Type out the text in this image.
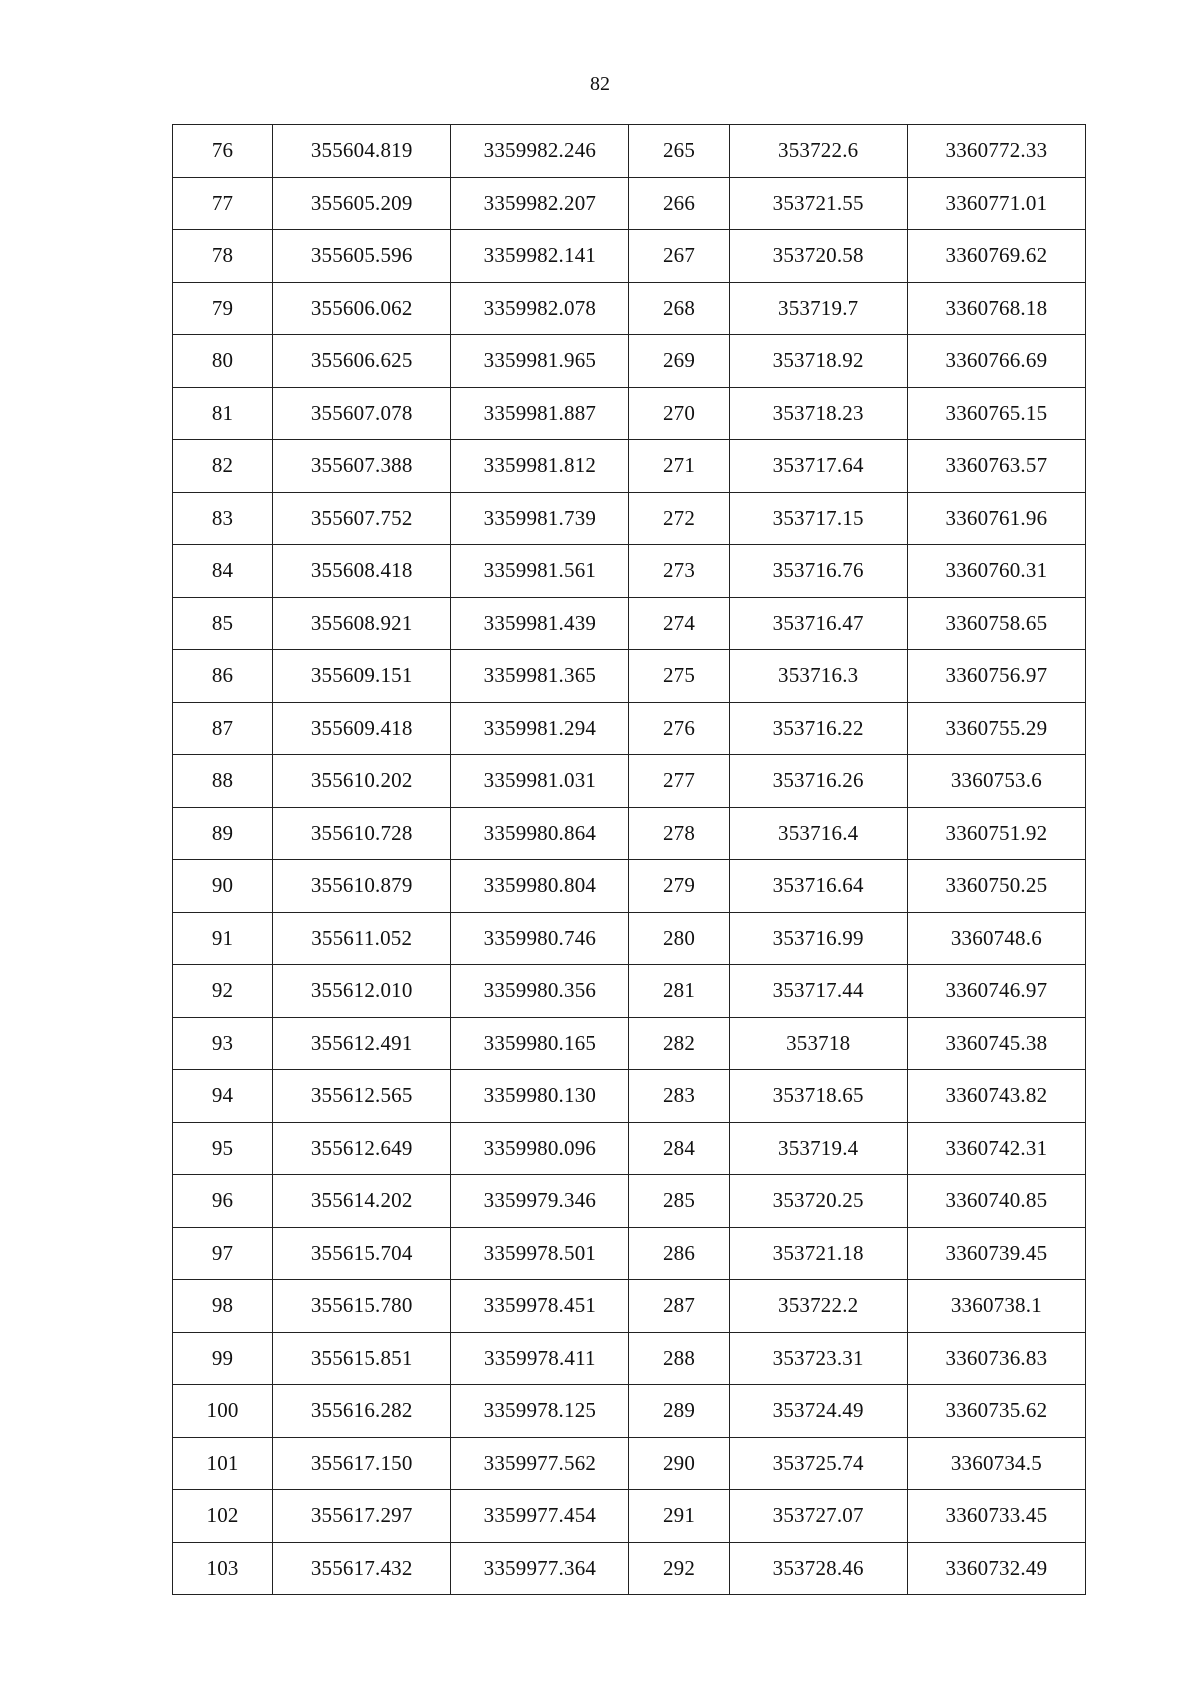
82
76	355604.819	3359982.246	265	353722.6	3360772.33
77	355605.209	3359982.207	266	353721.55	3360771.01
78	355605.596	3359982.141	267	353720.58	3360769.62
79	355606.062	3359982.078	268	353719.7	3360768.18
80	355606.625	3359981.965	269	353718.92	3360766.69
81	355607.078	3359981.887	270	353718.23	3360765.15
82	355607.388	3359981.812	271	353717.64	3360763.57
83	355607.752	3359981.739	272	353717.15	3360761.96
84	355608.418	3359981.561	273	353716.76	3360760.31
85	355608.921	3359981.439	274	353716.47	3360758.65
86	355609.151	3359981.365	275	353716.3	3360756.97
87	355609.418	3359981.294	276	353716.22	3360755.29
88	355610.202	3359981.031	277	353716.26	3360753.6
89	355610.728	3359980.864	278	353716.4	3360751.92
90	355610.879	3359980.804	279	353716.64	3360750.25
91	355611.052	3359980.746	280	353716.99	3360748.6
92	355612.010	3359980.356	281	353717.44	3360746.97
93	355612.491	3359980.165	282	353718	3360745.38
94	355612.565	3359980.130	283	353718.65	3360743.82
95	355612.649	3359980.096	284	353719.4	3360742.31
96	355614.202	3359979.346	285	353720.25	3360740.85
97	355615.704	3359978.501	286	353721.18	3360739.45
98	355615.780	3359978.451	287	353722.2	3360738.1
99	355615.851	3359978.411	288	353723.31	3360736.83
100	355616.282	3359978.125	289	353724.49	3360735.62
101	355617.150	3359977.562	290	353725.74	3360734.5
102	355617.297	3359977.454	291	353727.07	3360733.45
103	355617.432	3359977.364	292	353728.46	3360732.49
